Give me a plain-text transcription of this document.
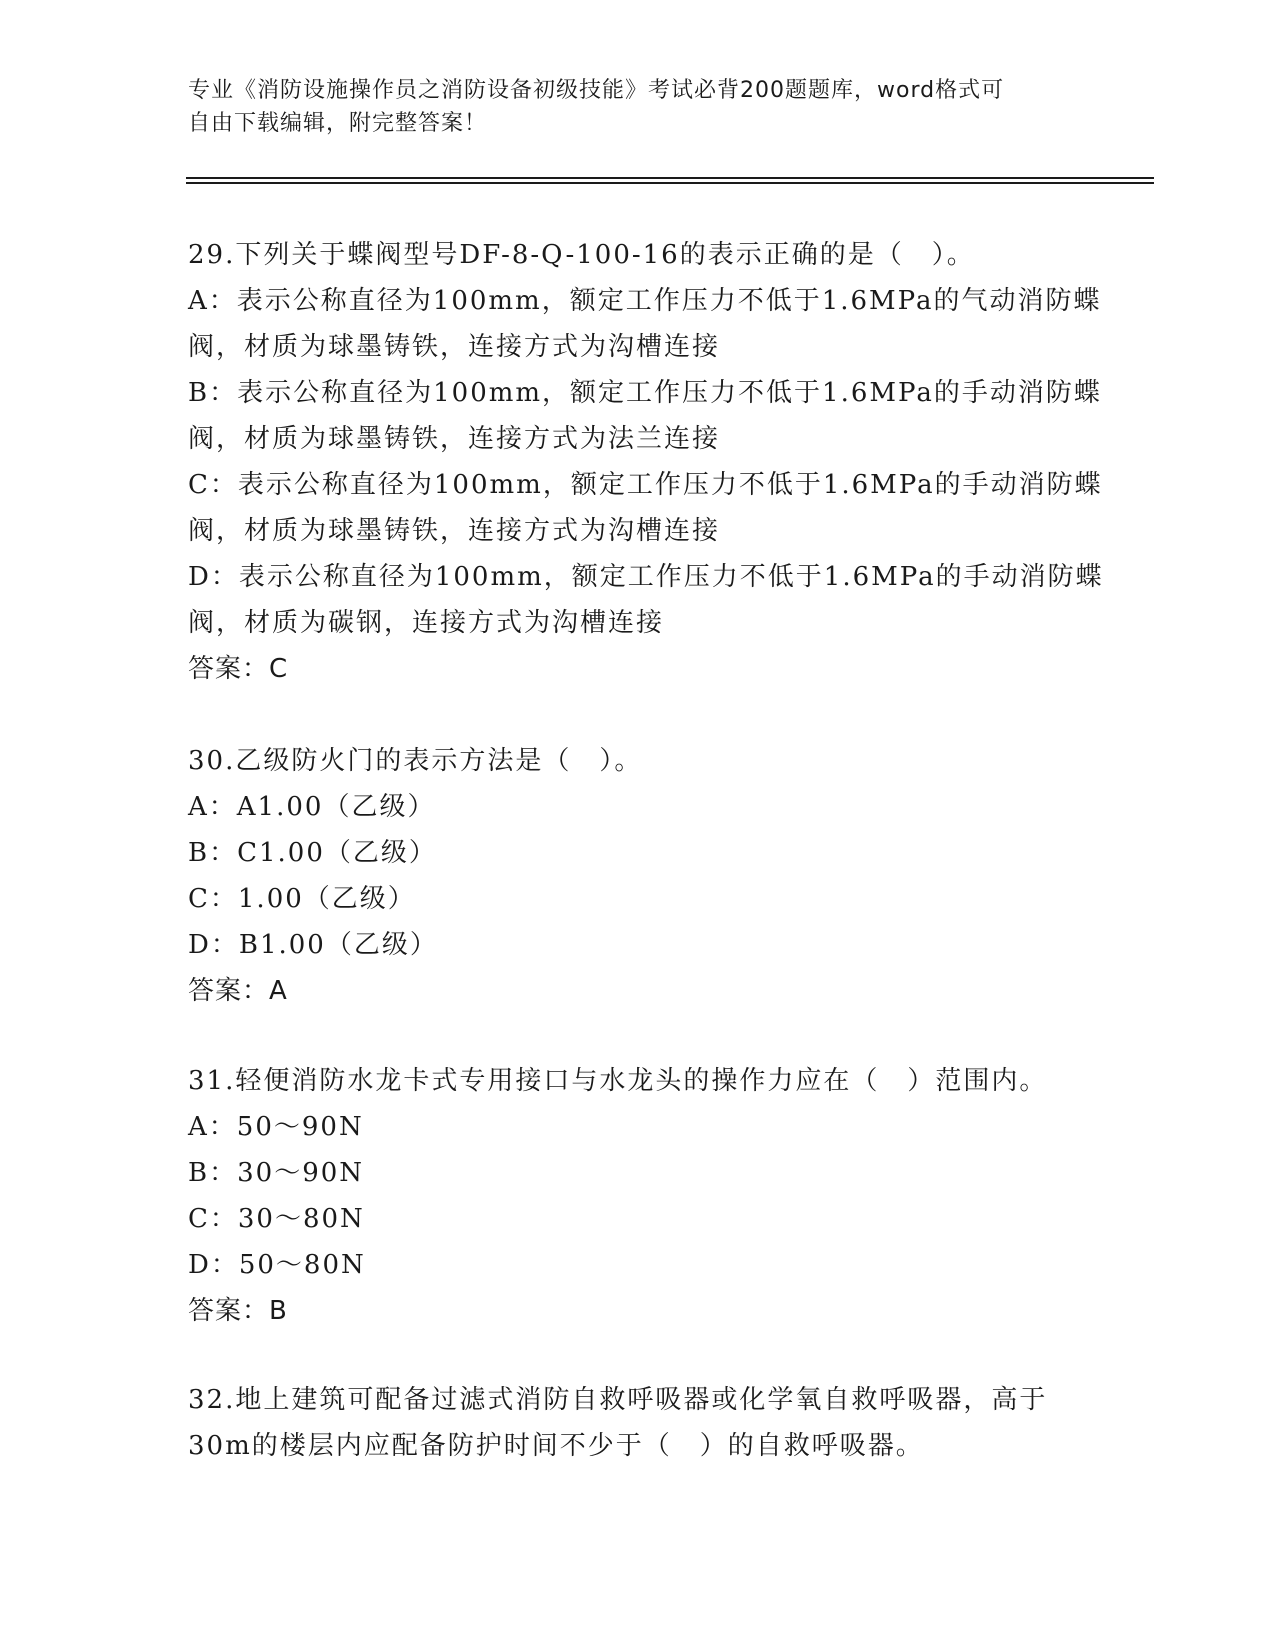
专业《消防设施操作员之消防设备初级技能》考试必背200题题库，word格式可
自由下载编辑，附完整答案！
29.下列关于蝶阀型号DF-8-Q-100-16的表示正确的是（　）。
A：表示公称直径为100mm，额定工作压力不低于1.6MPa的气动消防蝶
阀，材质为球墨铸铁，连接方式为沟槽连接
B：表示公称直径为100mm，额定工作压力不低于1.6MPa的手动消防蝶
阀，材质为球墨铸铁，连接方式为法兰连接
C：表示公称直径为100mm，额定工作压力不低于1.6MPa的手动消防蝶
阀，材质为球墨铸铁，连接方式为沟槽连接
D：表示公称直径为100mm，额定工作压力不低于1.6MPa的手动消防蝶
阀，材质为碳钢，连接方式为沟槽连接
答案：C
30.乙级防火门的表示方法是（　）。
A：A1.00（乙级）
B：C1.00（乙级）
C：1.00（乙级）
D：B1.00（乙级）
答案：A
31.轻便消防水龙卡式专用接口与水龙头的操作力应在（　）范围内。
A：50～90N
B：30～90N
C：30～80N
D：50～80N
答案：B
32.地上建筑可配备过滤式消防自救呼吸器或化学氧自救呼吸器，高于
30m的楼层内应配备防护时间不少于（　）的自救呼吸器。
